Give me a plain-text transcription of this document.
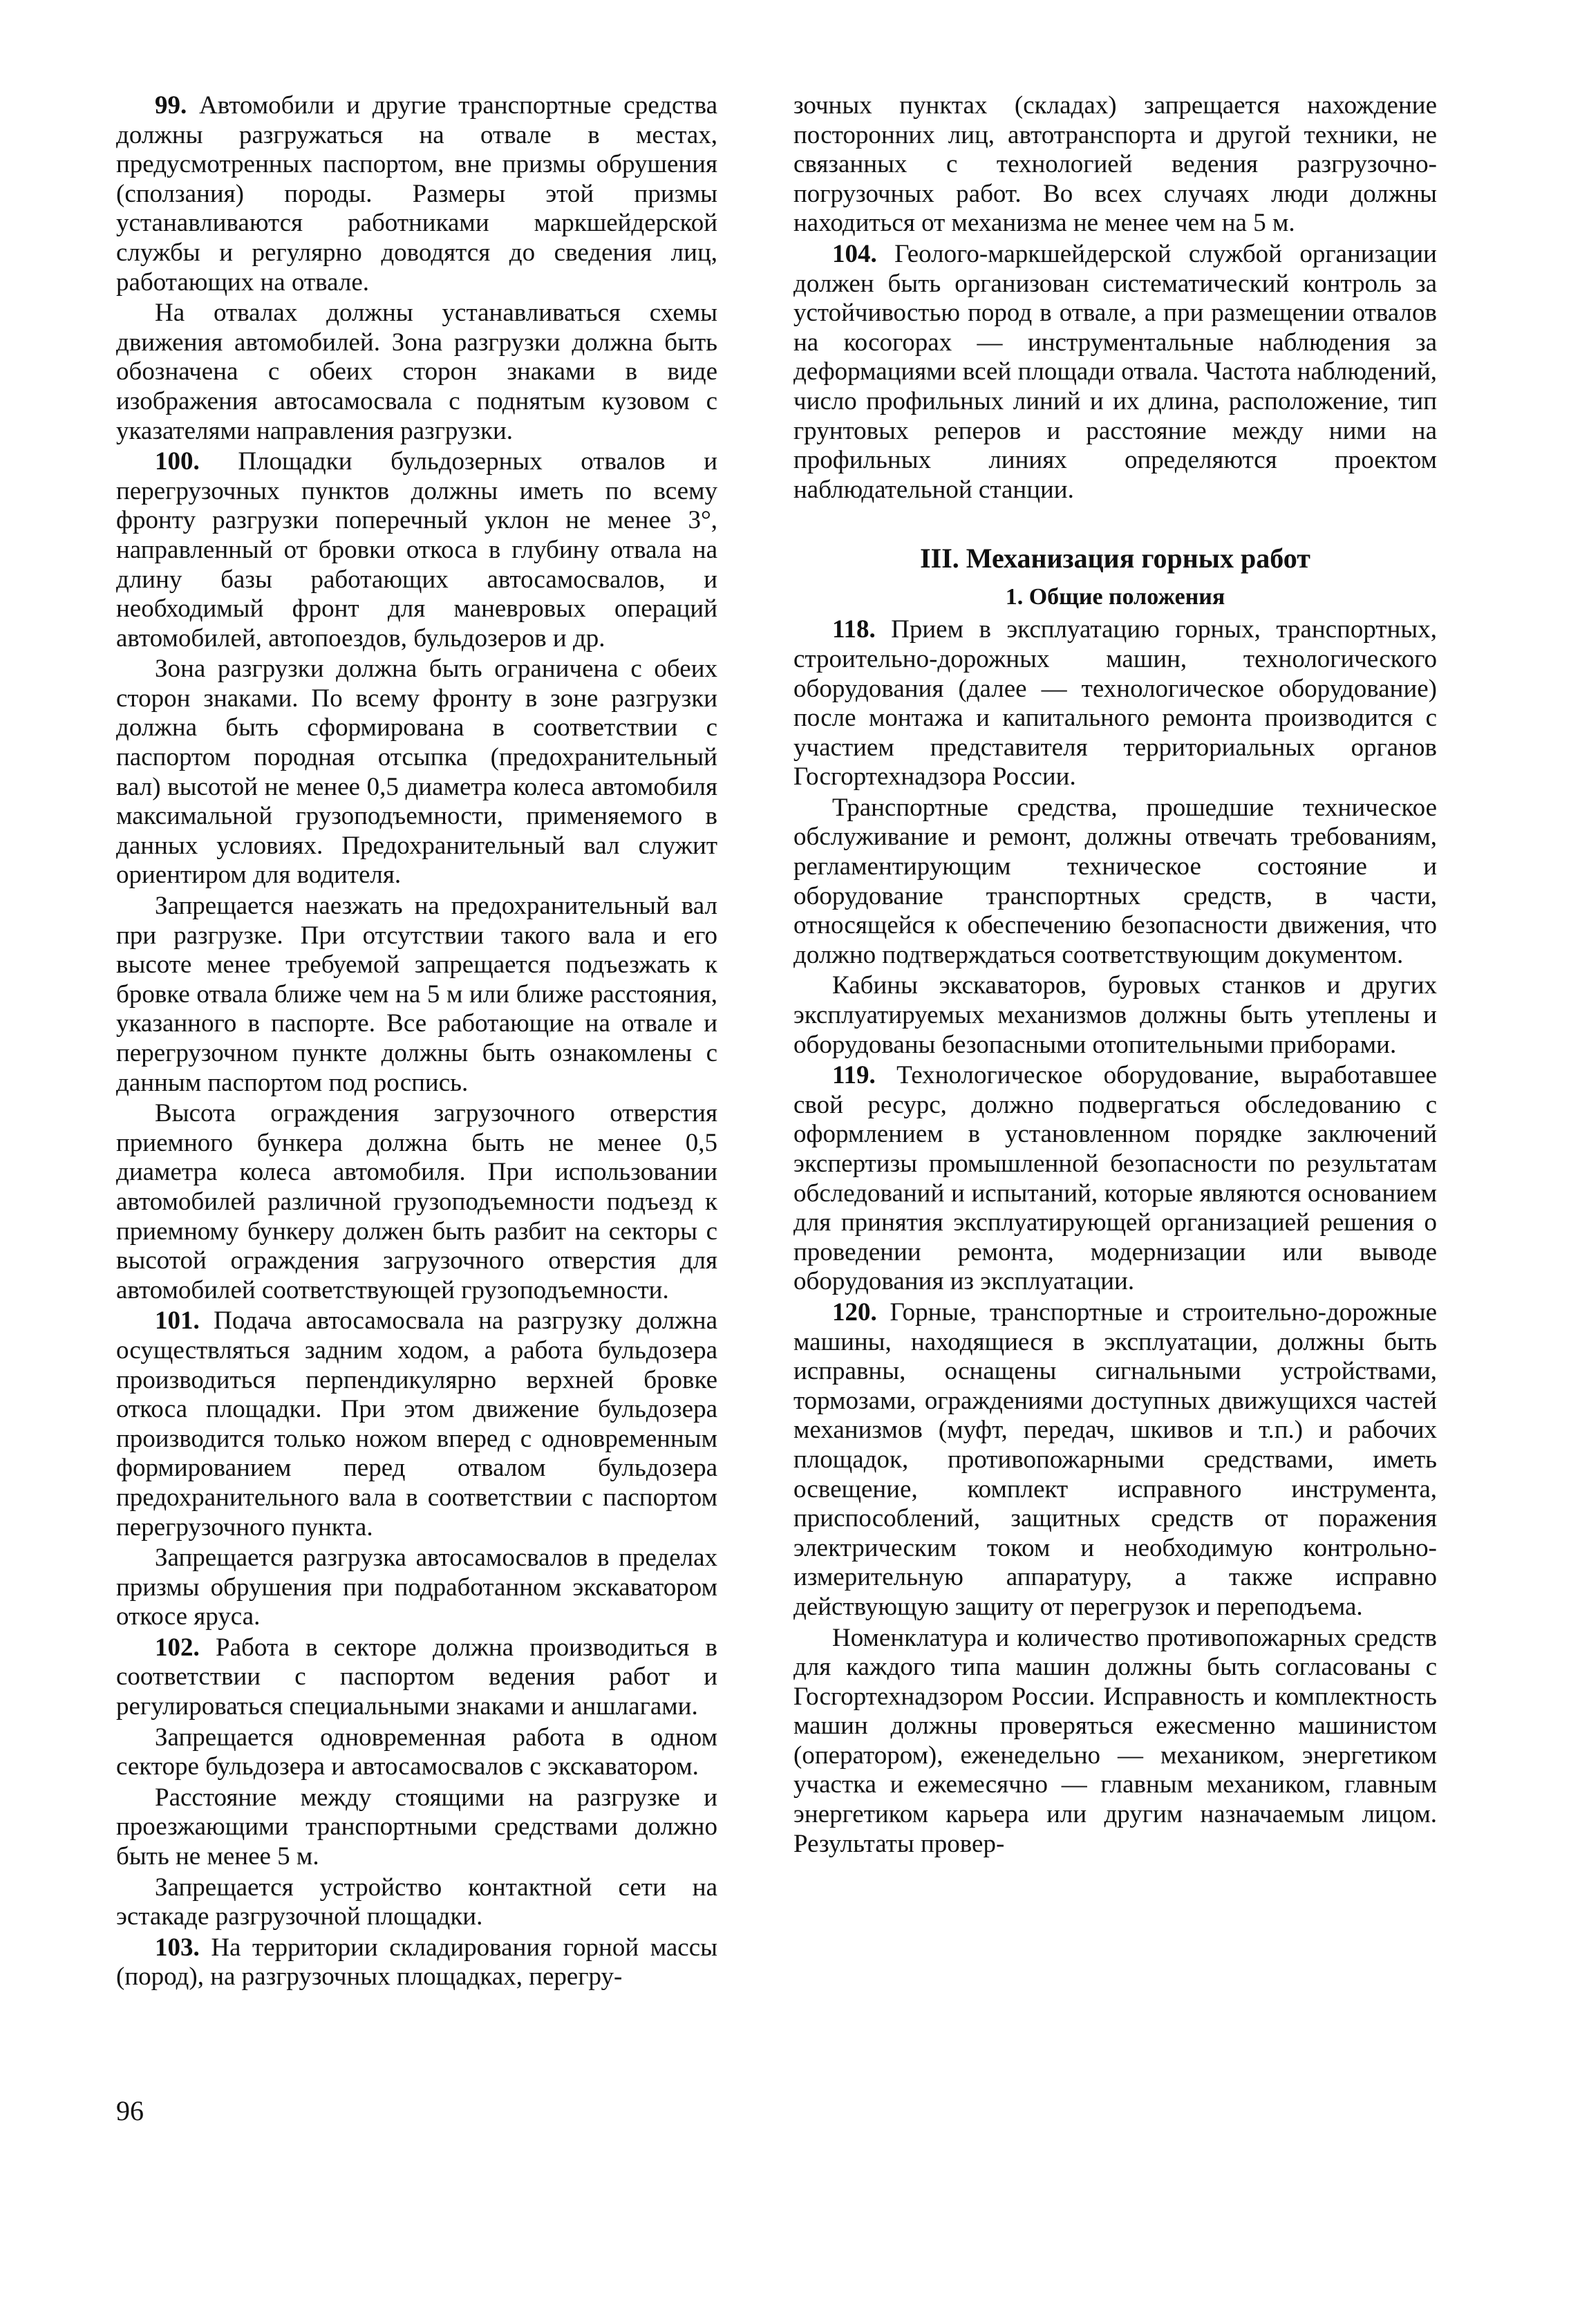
99. Автомобили и другие транспортные средства должны разгружаться на отвале в местах, предусмотренных паспортом, вне призмы обрушения (сползания) породы. Размеры этой призмы устанавливаются работниками маркшейдерской службы и регулярно доводятся до сведения лиц, работающих на отвале.

На отвалах должны устанавливаться схемы движения автомобилей. Зона разгрузки должна быть обозначена с обеих сторон знаками в виде изображения автосамосвала с поднятым кузовом с указателями направления разгрузки.

100. Площадки бульдозерных отвалов и перегрузочных пунктов должны иметь по всему фронту разгрузки поперечный уклон не менее 3°, направленный от бровки откоса в глубину отвала на длину базы работающих автосамосвалов, и необходимый фронт для маневровых операций автомобилей, автопоездов, бульдозеров и др.

Зона разгрузки должна быть ограничена с обеих сторон знаками. По всему фронту в зоне разгрузки должна быть сформирована в соответствии с паспортом породная отсыпка (предохранительный вал) высотой не менее 0,5 диаметра колеса автомобиля максимальной грузоподъемности, применяемого в данных условиях. Предохранительный вал служит ориентиром для водителя.

Запрещается наезжать на предохранительный вал при разгрузке. При отсутствии такого вала и его высоте менее требуемой запрещается подъезжать к бровке отвала ближе чем на 5 м или ближе расстояния, указанного в паспорте. Все работающие на отвале и перегрузочном пункте должны быть ознакомлены с данным паспортом под роспись.

Высота ограждения загрузочного отверстия приемного бункера должна быть не менее 0,5 диаметра колеса автомобиля. При использовании автомобилей различной грузоподъемности подъезд к приемному бункеру должен быть разбит на секторы с высотой ограждения загрузочного отверстия для автомобилей соответствующей грузоподъемности.

101. Подача автосамосвала на разгрузку должна осуществляться задним ходом, а работа бульдозера производиться перпендикулярно верхней бровке откоса площадки. При этом движение бульдозера производится только ножом вперед с одновременным формированием перед отвалом бульдозера предохранительного вала в соответствии с паспортом перегрузочного пункта.

Запрещается разгрузка автосамосвалов в пределах призмы обрушения при подработанном экскаватором откосе яруса.

102. Работа в секторе должна производиться в соответствии с паспортом ведения работ и регулироваться специальными знаками и аншлагами.

Запрещается одновременная работа в одном секторе бульдозера и автосамосвалов с экскаватором.

Расстояние между стоящими на разгрузке и проезжающими транспортными средствами должно быть не менее 5 м.

Запрещается устройство контактной сети на эстакаде разгрузочной площадки.

103. На территории складирования горной массы (пород), на разгрузочных площадках, перегру-

зочных пунктах (складах) запрещается нахождение посторонних лиц, автотранспорта и другой техники, не связанных с технологией ведения разгрузочно-погрузочных работ. Во всех случаях люди должны находиться от механизма не менее чем на 5 м.

104. Геолого-маркшейдерской службой организации должен быть организован систематический контроль за устойчивостью пород в отвале, а при размещении отвалов на косогорах — инструментальные наблюдения за деформациями всей площади отвала. Частота наблюдений, число профильных линий и их длина, расположение, тип грунтовых реперов и расстояние между ними на профильных линиях определяются проектом наблюдательной станции.

III. Механизация горных работ
1. Общие положения

118. Прием в эксплуатацию горных, транспортных, строительно-дорожных машин, технологического оборудования (далее — технологическое оборудование) после монтажа и капитального ремонта производится с участием представителя территориальных органов Госгортехнадзора России.

Транспортные средства, прошедшие техническое обслуживание и ремонт, должны отвечать требованиям, регламентирующим техническое состояние и оборудование транспортных средств, в части, относящейся к обеспечению безопасности движения, что должно подтверждаться соответствующим документом.

Кабины экскаваторов, буровых станков и других эксплуатируемых механизмов должны быть утеплены и оборудованы безопасными отопительными приборами.

119. Технологическое оборудование, выработавшее свой ресурс, должно подвергаться обследованию с оформлением в установленном порядке заключений экспертизы промышленной безопасности по результатам обследований и испытаний, которые являются основанием для принятия эксплуатирующей организацией решения о проведении ремонта, модернизации или выводе оборудования из эксплуатации.

120. Горные, транспортные и строительно-дорожные машины, находящиеся в эксплуатации, должны быть исправны, оснащены сигнальными устройствами, тормозами, ограждениями доступных движущихся частей механизмов (муфт, передач, шкивов и т.п.) и рабочих площадок, противопожарными средствами, иметь освещение, комплект исправного инструмента, приспособлений, защитных средств от поражения электрическим током и необходимую контрольно-измерительную аппаратуру, а также исправно действующую защиту от перегрузок и переподъема.

Номенклатура и количество противопожарных средств для каждого типа машин должны быть согласованы с Госгортехнадзором России. Исправность и комплектность машин должны проверяться ежесменно машинистом (оператором), еженедельно — механиком, энергетиком участка и ежемесячно — главным механиком, главным энергетиком карьера или другим назначаемым лицом. Результаты провер-

96
